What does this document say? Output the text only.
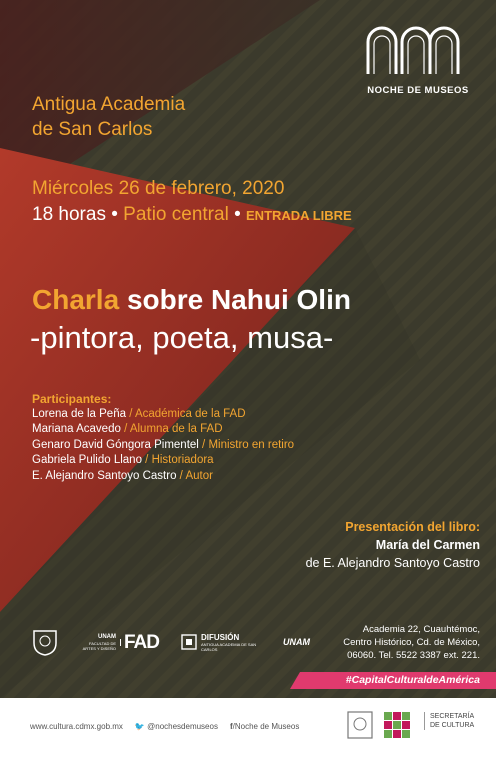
NOCHE DE MUSEOS
Antigua Academia
de San Carlos
Miércoles 26 de febrero, 2020
18 horas • Patio central • ENTRADA LIBRE
Charla sobre Nahui Olin
-pintora, poeta, musa-
Participantes:
Lorena de la Peña / Académica de la FAD
Mariana Acavedo / Alumna de la FAD
Genaro David Góngora Pimentel / Ministro en retiro
Gabriela Pulido Llano / Historiadora
E. Alejandro Santoyo Castro / Autor
Presentación del libro:
María del Carmen
de E. Alejandro Santoyo Castro
UNAM
FACULTAD DE ARTES Y DISEÑO FAD	DIFUSIÓN
ANTIGUA ACADEMIA DE SAN CARLOS
UNAM
Academia 22, Cuauhtémoc,
Centro Histórico, Cd. de México,
06060. Tel. 5522 3387 ext. 221.
#CapitalCulturaldeAmérica
www.cultura.cdmx.gob.mx 🐦 @nochesdemuseos f/Noche de Museos
SECRETARÍA
DE CULTURA
